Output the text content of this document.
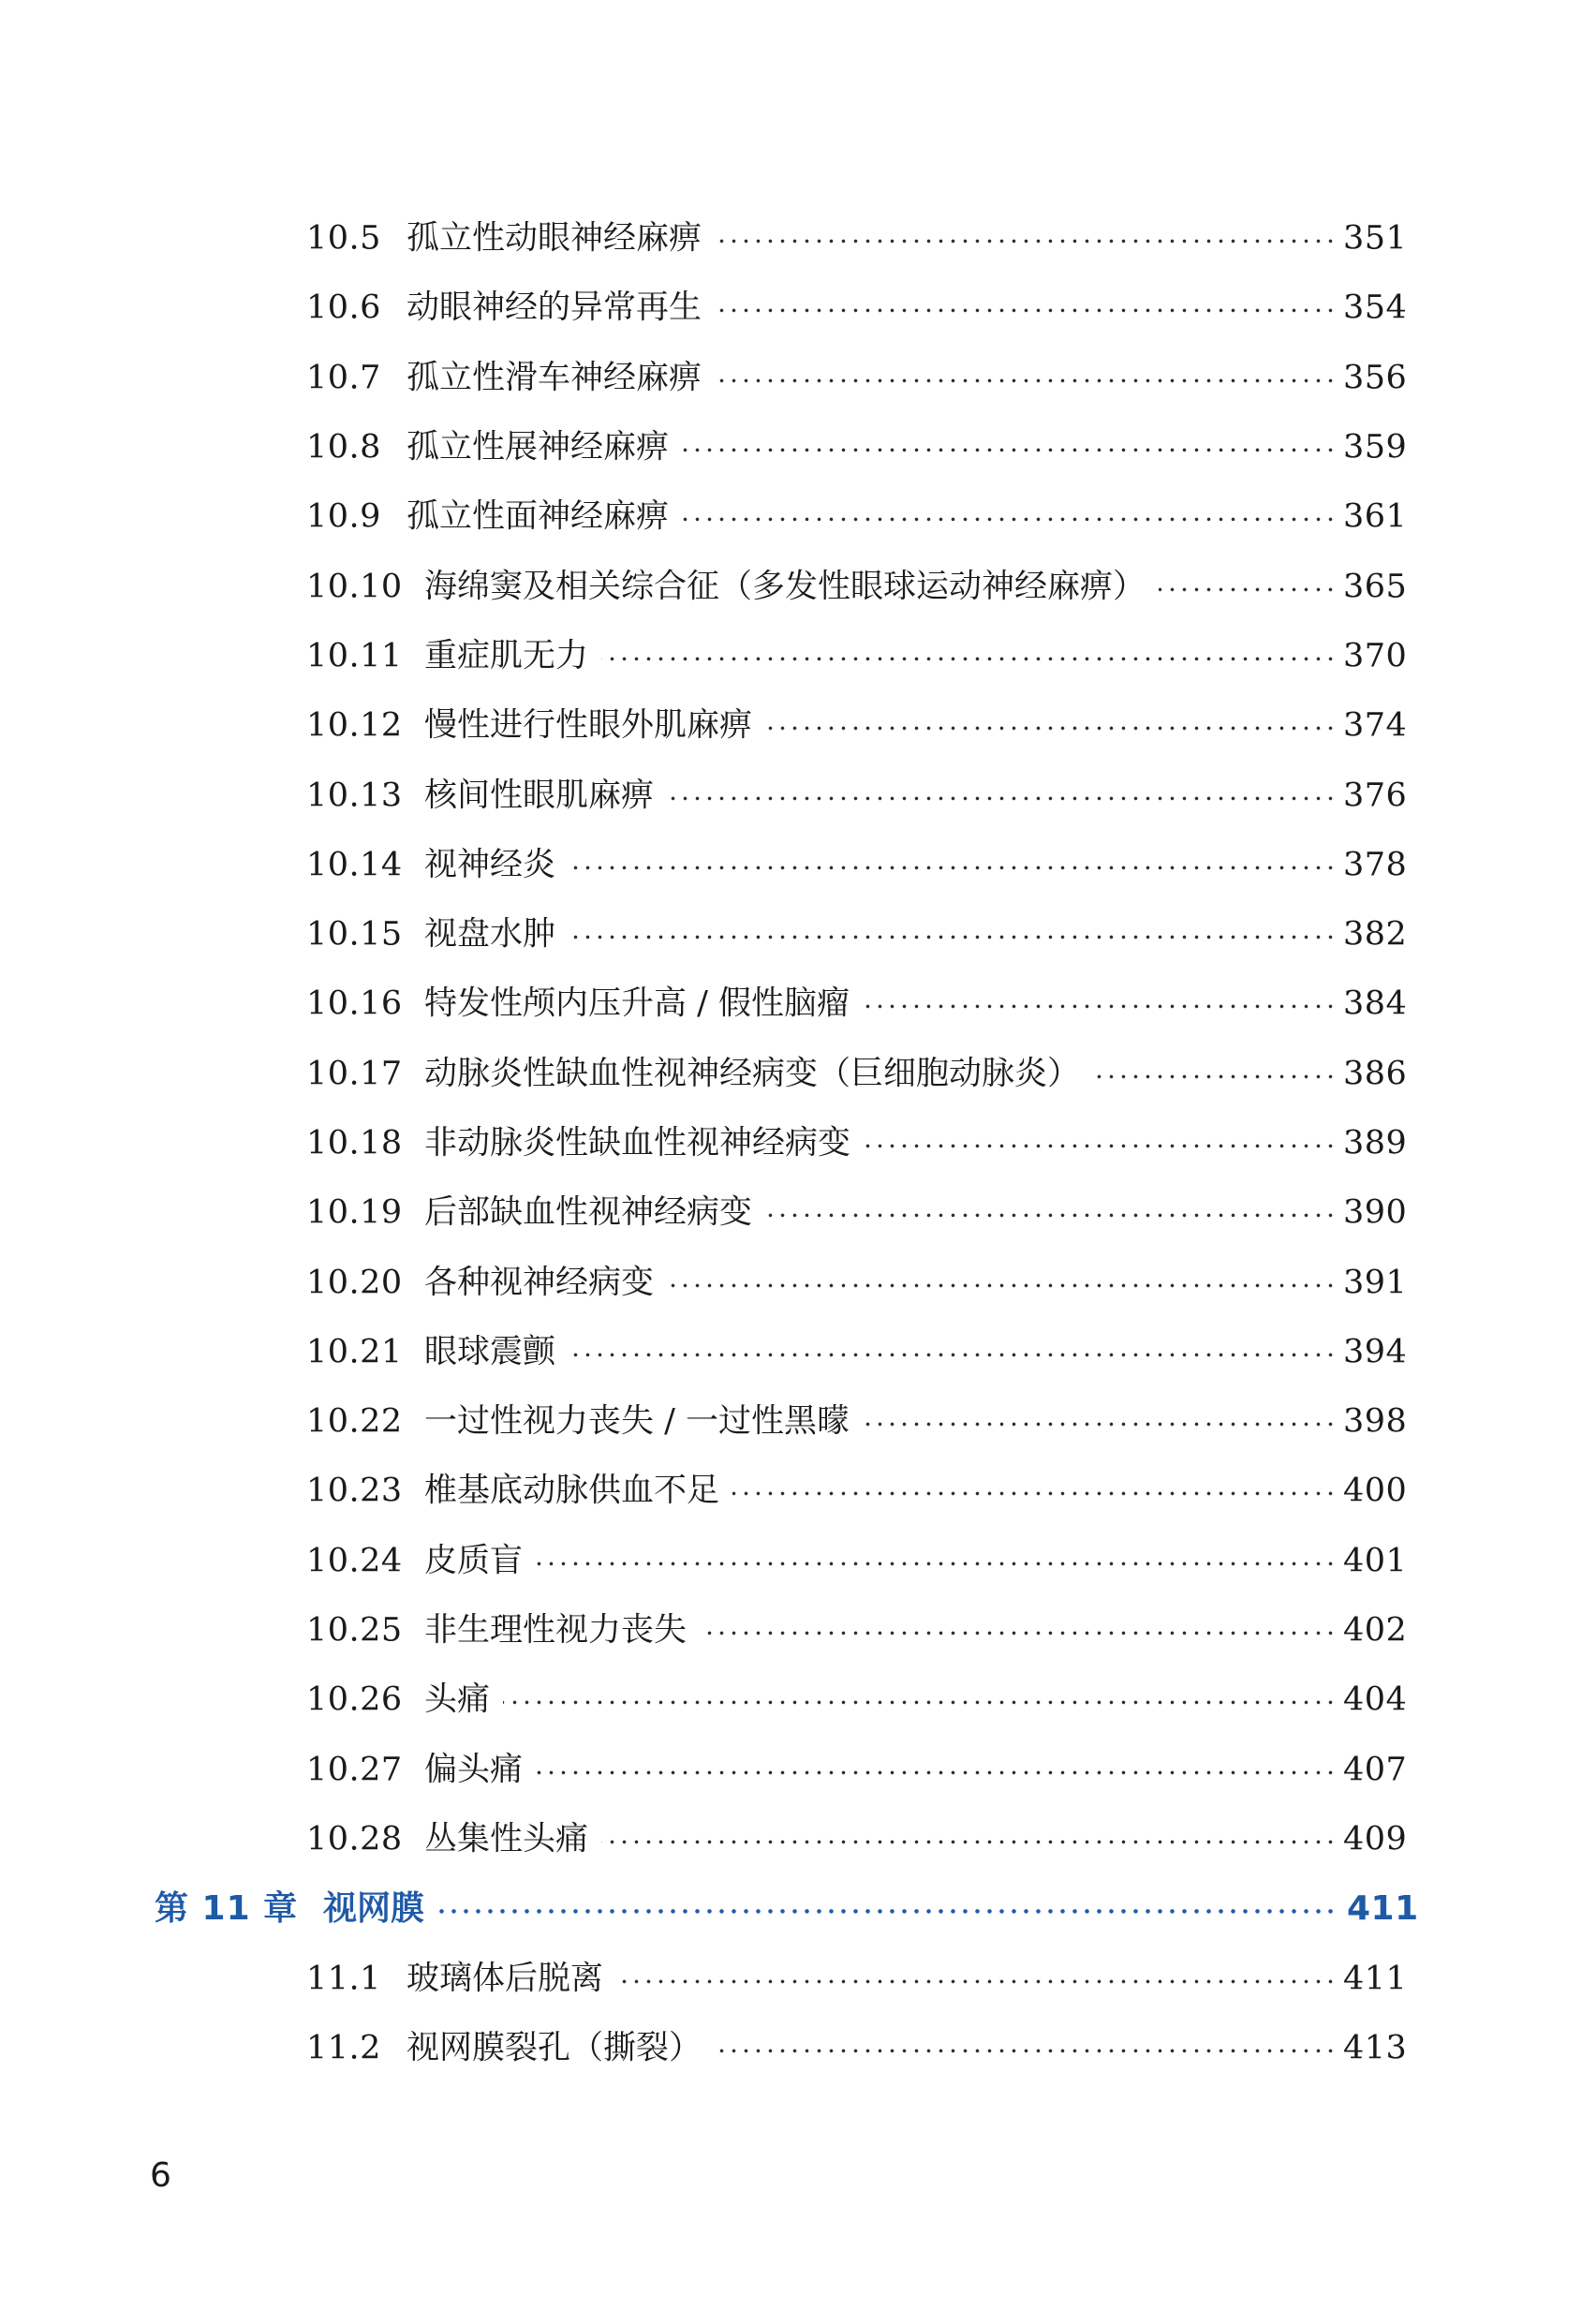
10.5 孤立性动眼神经麻痹	351
10.6 动眼神经的异常再生	354
10.7 孤立性滑车神经麻痹	356
10.8 孤立性展神经麻痹	359
10.9 孤立性面神经麻痹	361
10.10 海绵窦及相关综合征（多发性眼球运动神经麻痹）	365
10.11 重症肌无力	370
10.12 慢性进行性眼外肌麻痹	374
10.13 核间性眼肌麻痹	376
10.14 视神经炎	378
10.15 视盘水肿	382
10.16 特发性颅内压升高 / 假性脑瘤	384
10.17 动脉炎性缺血性视神经病变（巨细胞动脉炎）	386
10.18 非动脉炎性缺血性视神经病变	389
10.19 后部缺血性视神经病变	390
10.20 各种视神经病变	391
10.21 眼球震颤	394
10.22 一过性视力丧失 / 一过性黑曚	398
10.23 椎基底动脉供血不足	400
10.24 皮质盲	401
10.25 非生理性视力丧失	402
10.26 头痛	404
10.27 偏头痛	407
10.28 丛集性头痛	409
第 11 章 视网膜	411
11.1 玻璃体后脱离	411
11.2 视网膜裂孔（撕裂）	413
6
